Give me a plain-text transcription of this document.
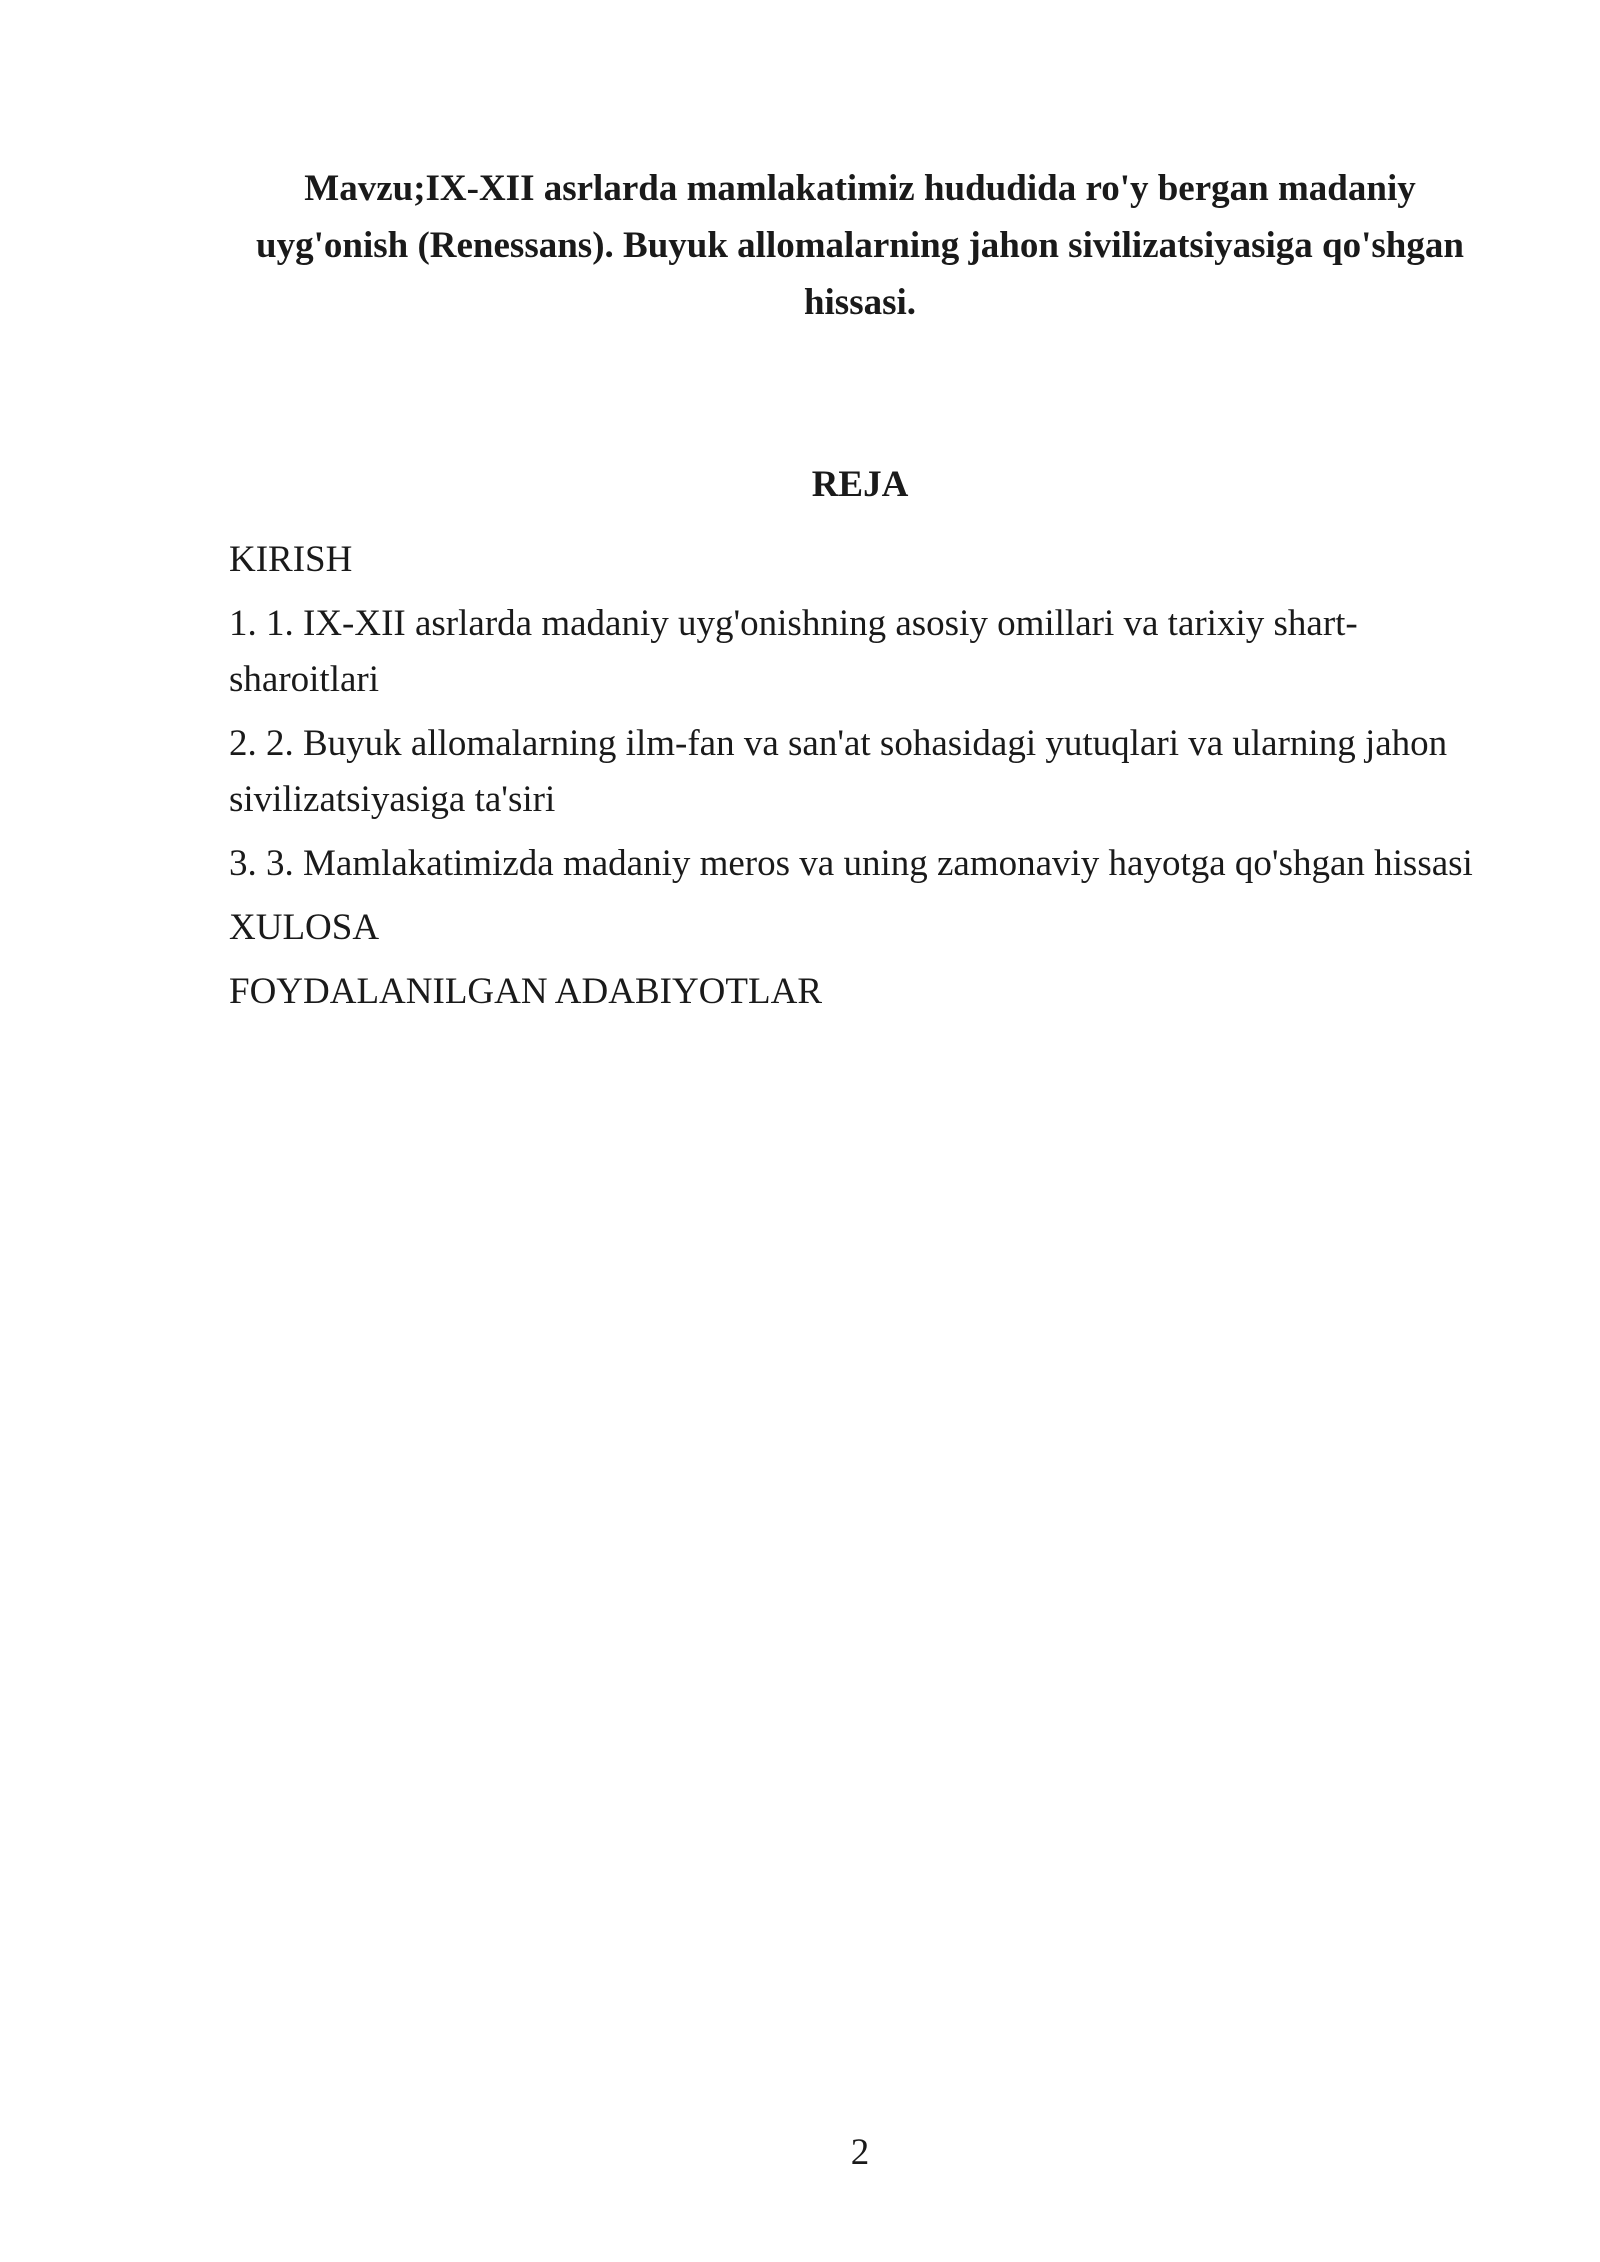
Mavzu;IX-XII asrlarda mamlakatimiz hududida ro'y bergan madaniy uyg'onish (Renessans). Buyuk allomalarning jahon sivilizatsiyasiga qo'shgan hissasi.
REJA
KIRISH
1. 1. IX-XII asrlarda madaniy uyg'onishning asosiy omillari va tarixiy shart-sharoitlari
2. 2. Buyuk allomalarning ilm-fan va san'at sohasidagi yutuqlari va ularning jahon sivilizatsiyasiga ta'siri
3. 3. Mamlakatimizda madaniy meros va uning zamonaviy hayotga qo'shgan hissasi
XULOSA
FOYDALANILGAN ADABIYOTLAR
2
